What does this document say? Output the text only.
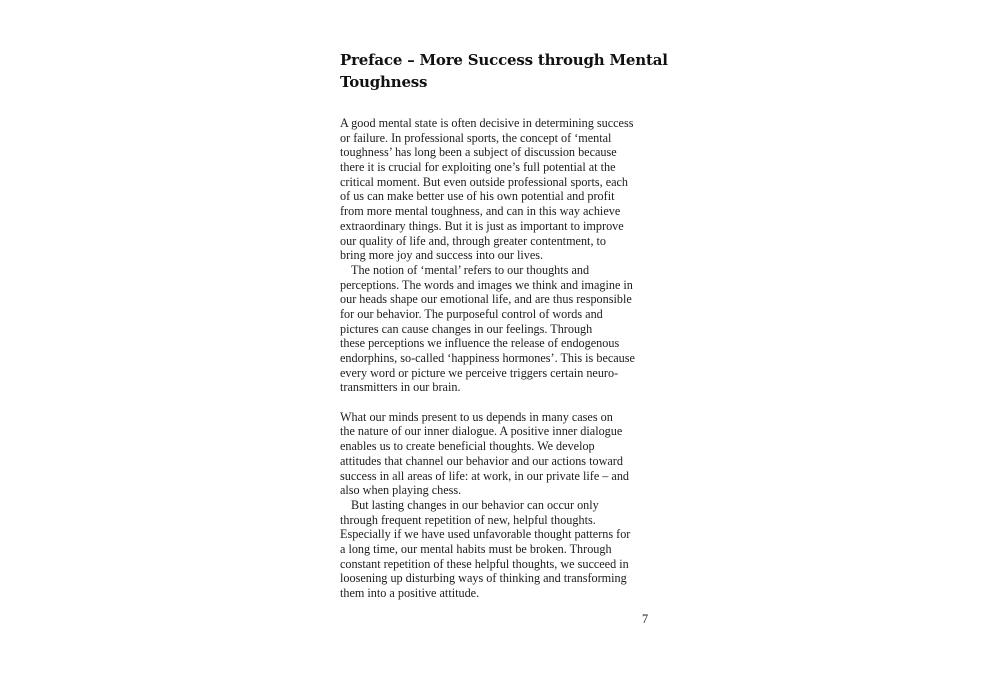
Preface – More Success through Mental
Toughness
A good mental state is often decisive in determining success
or failure. In professional sports, the concept of ‘mental
toughness’ has long been a subject of discussion because
there it is crucial for exploiting one’s full potential at the
critical moment. But even outside professional sports, each
of us can make better use of his own potential and profit
from more mental toughness, and can in this way achieve
extraordinary things. But it is just as important to improve
our quality of life and, through greater contentment, to
bring more joy and success into our lives.
The notion of ‘mental’ refers to our thoughts and
perceptions. The words and images we think and imagine in
our heads shape our emotional life, and are thus responsible
for our behavior. The purposeful control of words and
pictures can cause changes in our feelings. Through
these perceptions we influence the release of endogenous
endorphins, so-called ‘happiness hormones’. This is because
every word or picture we perceive triggers certain neuro-
transmitters in our brain.
What our minds present to us depends in many cases on
the nature of our inner dialogue. A positive inner dialogue
enables us to create beneficial thoughts. We develop
attitudes that channel our behavior and our actions toward
success in all areas of life: at work, in our private life – and
also when playing chess.
But lasting changes in our behavior can occur only
through frequent repetition of new, helpful thoughts.
Especially if we have used unfavorable thought patterns for
a long time, our mental habits must be broken. Through
constant repetition of these helpful thoughts, we succeed in
loosening up disturbing ways of thinking and transforming
them into a positive attitude.
7
